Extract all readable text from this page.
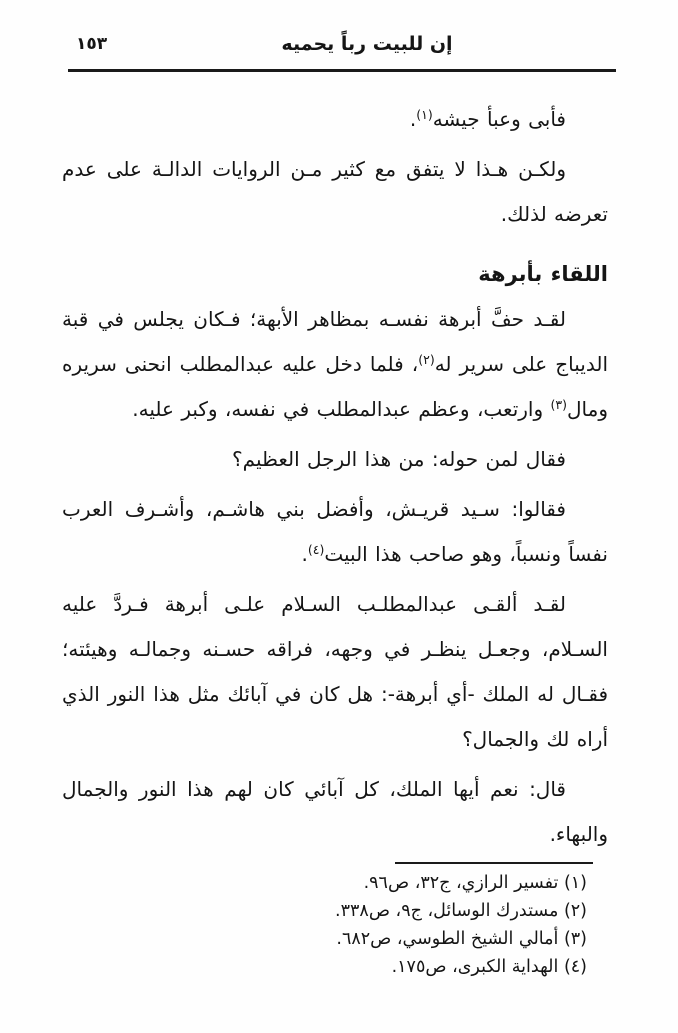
١٥٣	إن للبيت رباً يحميه

فأبى وعبأ جيشه$^{(١)}$.

ولكـن هـذا لا يتفق مع كثير مـن الروايات الدالـة على عدم تعرضه لذلك.

اللقاء بأبرهة

لقـد حفَّ أبرهة نفسـه بمظاهر الأبهة؛ فـكان يجلس في قبة الديباج على سرير له$^{(٢)}$، فلما دخل عليه عبدالمطلب انحنى سريره ومال$^{(٣)}$ وارتعب، وعظم عبدالمطلب في نفسه، وكبر عليه.

فقال لمن حوله: من هذا الرجل العظيم؟

فقالوا: سـيد قريـش، وأفضل بني هاشـم، وأشـرف العرب نفساً ونسباً، وهو صاحب هذا البيت$^{(٤)}$.

لقـد ألقـى عبدالمطلـب السـلام علـى أبرهة فـردَّ عليه السـلام، وجعـل ينظـر في وجهه، فراقه حسـنه وجمالـه وهيئته؛ فقـال له الملك -أي أبرهة-: هل كان في آبائك مثل هذا النور الذي أراه لك والجمال؟

قال: نعم أيها الملك، كل آبائي كان لهم هذا النور والجمال والبهاء.

(١) تفسير الرازي، ج٣٢، ص٩٦.
(٢) مستدرك الوسائل، ج٩، ص٣٣٨.
(٣) أمالي الشيخ الطوسي، ص٦٨٢.
(٤) الهداية الكبرى، ص١٧٥.
